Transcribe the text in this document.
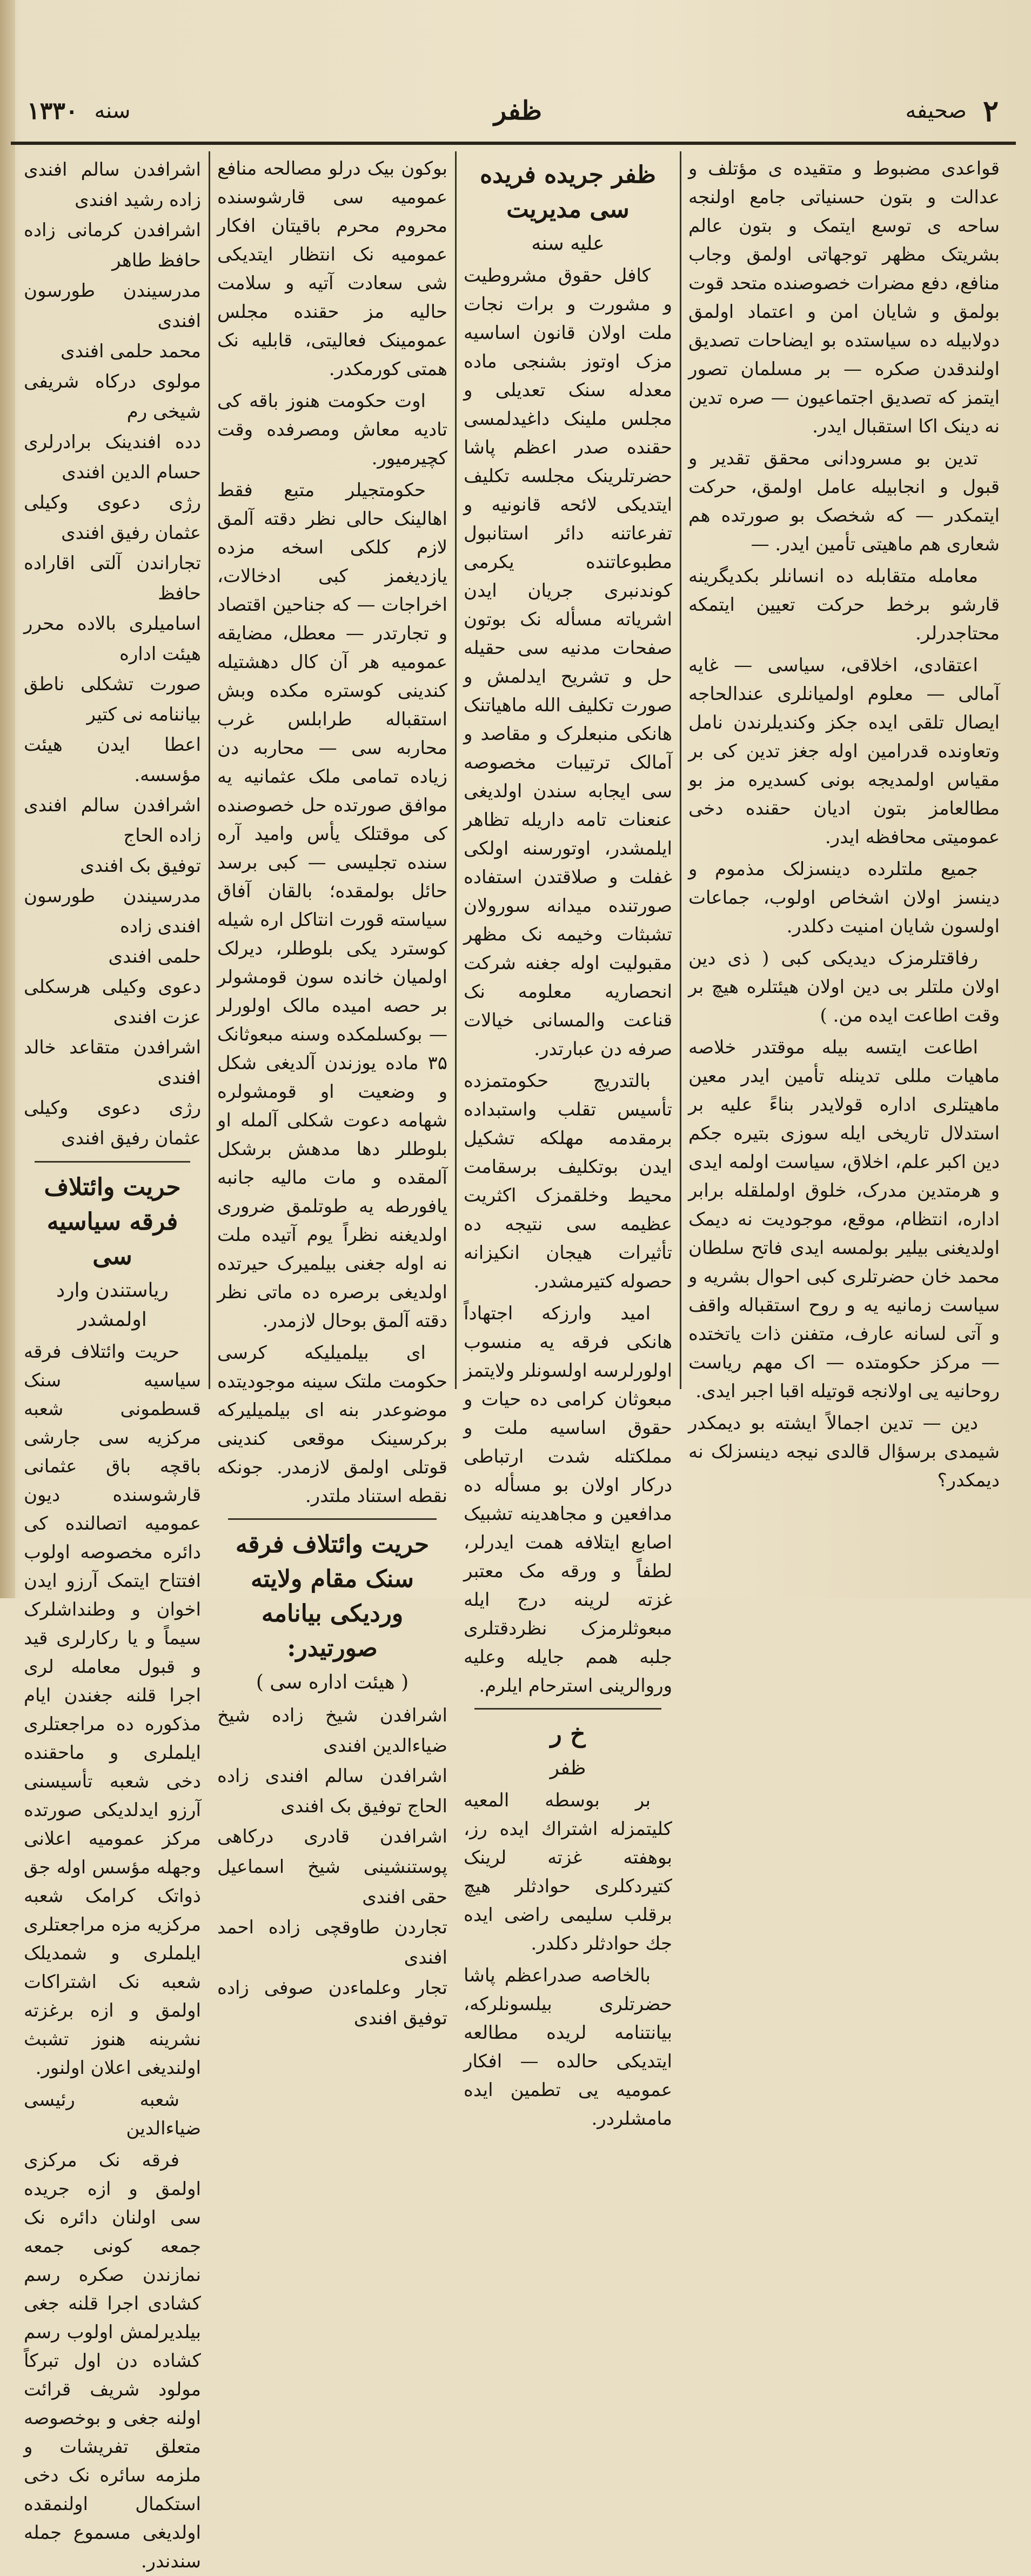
۲
صحیفه
ظفر
سنه
۱۳۳۰

قواعدی مضبوط و متقیده ی مؤتلف و عدالت و بتون حسنیاتی جامع اولنجه ساحه ی توسع ایتمک و بتون عالم بشریتک مظهر توجهاتی اولمق وجاب منافع، دفع مضرات خصوصنده متحد قوت بولمق و شایان امن و اعتماد اولمق دولابیله ده سیاستده بو ایضاحات تصدیق اولندقدن صکره — بر مسلمان تصور ایتمز که تصدیق اجتماعیون — صره تدین نه دینک اکا استقبال ایدر.

تدین بو مسرودانی محقق تقدیر و قبول و انجابیله عامل اولمق، حرکت ایتمکدر — که شخصک بو صورتده هم شعاری هم ماهیتی تأمین ایدر. —

معامله متقابله ده انسانلر بکدیگرینه قارشو برخط حرکت تعیین ایتمکه محتاجدرلر.

اعتقادی، اخلاقی، سیاسی — غایه آمالی — معلوم اولمیانلری عندالحاجه ایصال تلقی ایده جکز وکندیلرندن نامل وتعاونده قدرامین اوله جغز تدین کی بر مقیاس اولمدیجه بونی کسدیره مز بو مطالعامز بتون ادیان حقنده دخی عمومیتی محافظه ایدر.

جمیع ملتلرده دینسزلک مذموم و دینسز اولان اشخاص اولوب، جماعات اولسون شایان امنیت دکلدر.

رفاقتلرمزک دیدیکی کبی ( ذی دین اولان ملتلر بی دین اولان هیئتلره هیچ بر وقت اطاعت ایده من. )

اطاعت ایتسه بیله موقتدر خلاصه ماهیات مللی تدینله تأمین ایدر معین ماهیتلری اداره قولایدر بناءً علیه بر استدلال تاریخی ایله سوزی بتیره جکم دین اکبر علم، اخلاق، سیاست اولمه ایدی و هرمتدین مدرک، خلوق اولملقله برابر اداره، انتظام، موقع، موجودیت نه دیمک اولدیغنی بیلیر بولمسه ایدی فاتح سلطان محمد خان حضرتلری کبی احوال بشریه و سیاست زمانیه یه و روح استقباله واقف و آتی لسانه عارف، متفنن ذات یاتختده — مرکز حکومتده — اک مهم ریاست روحانیه یی اولانجه قوتیله اقبا اجبر ایدی.

دین — تدین اجمالاً ایشته بو دیمکدر شیمدی برسؤال قالدی نیجه دینسزلک نه دیمکدر؟

ظفر جریده فریده سی مدیریت
علیه سنه

کافل حقوق مشروطیت و مشورت و برات نجات ملت اولان قانون اساسیه مزک اوتوز بشنجی ماده معدله سنک تعدیلی و مجلس ملینک داغیدلمسی حقنده صدر اعظم پاشا حضرتلرینک مجلسه تکلیف ایتدیکی لائحه قانونیه و تفرعاتنه دائر استانبول مطبوعاتنده یکرمی کوندنبری جریان ایدن اشریاته مسأله نک بوتون صفحات مدنیه سی حقیله حل و تشریح ایدلمش و صورت تکلیف الله ماهیاتنک هانکی منبعلرک و مقاصد و آمالک ترتیبات مخصوصه سی ایجابه سندن اولدیغی عنعنات تامه داریله تظاهر ایلمشدر، اوتورسنه اولکی غفلت و صلاقتدن استفاده صورتنده میدانه سورولان تشبثات وخیمه نک مظهر مقبولیت اوله جغنه شرکت انحصاریه معلومه نک قناعت والمسانی خیالات صرفه دن عبارتدر.

بالتدریج حکومتمزده تأسیس تقلب واستبداده برمقدمه مهلکه تشکیل ایدن بوتکلیف برسقامت محیط وخلقمزک اکثریت عظیمه سی نتیجه ده تأثیرات هیجان انکیزانه حصوله کتیرمشدر.

امید وارزکه اجتهاداً هانکی فرقه یه منسوب اولورلرسه اولسونلر ولایتمز مبعوثان کرامی ده حیات و حقوق اساسیه ملت و مملکتله شدت ارتباطی دركار اولان بو مسأله ده مدافعین و مجاهدینه تشبیک اصابع ایتلافه همت ایدرلر، لطفاً و ورقه مک معتبر غزته لرینه درج ایله مبعوثلرمزک نظردقتلری جلبه همم جایله وعلیه وروالرینی استرحام ایلرم.

خ ر
ظفر

بر بوسطه المعیه کلیتمزله اشتراك ایده رز، بوهفته غزته لرینک کتیردکلری حوادثلر هیچ برقلب سلیمی راضی ایده جك حوادثلر دکلدر.

بالخاصه صدراعظم پاشا حضرتلری بیلسونلرکه، بیانتنامه لریده مطالعه ایتدیکی حالده — افکار عمومیه یی تطمین ایده مامشلردر.

بوکون بیک درلو مصالحه منافع عمومیه سی قارشوسنده محروم محرم باقیتان افکار عمومیه نک انتظار ایتدیکی شی سعادت آتیه و سلامت حالیه مز حقنده مجلس عمومینک فعالیتی، قابلیه نک همتی کورمکدر.

اوت حکومت هنوز باقه کی تادیه معاش ومصرفده وقت کچیرمیور.

حکومتجیلر متبع فقط اهالینک حالی نظر دقته آلمق لازم کلکی اسخه مزده یازدیغمز کبی ادخالات، اخراجات — که جناحین اقتصاد و تجارتدر — معطل، مضایقه عمومیه هر آن کال دهشتیله کندینی کوستره مکده وبش استقباله طرابلس غرب محاربه سی — محاربه دن زیاده تمامی ملک عثمانیه یه موافق صورتده حل خصوصنده کی موقتلک یأس وامید آره سنده تجلیسی — کبی برسد حائل بولمقده؛ بالقان آفاق سیاسته قورت انتاکل اره شیله کوسترد یکی بلوطلر، دیرلک اولمیان خانده سون قومشولر بر حصه امیده مالک اولورلر — بوکسلمکده وسنه مبعوثانک ۳۵ ماده یوزندن آلدیغی شکل و وضعیت او قومشولره شهامه دعوت شکلی آلمله او بلوطلر دها مدهش برشکل آلمقده و مات مالیه جانبه یافورطه یه طوتلمق ضروری اولدیغنه نظراً یوم آتیده ملت نه اوله جغنی بیلمیرک حیرتده اولدیغی برصره ده ماتی نظر دقته آلمق بوحال لازمدر.

ای بیلمیلیکه کرسی حکومت ملتک سینه موجودیتده موضوعدر بنه ای بیلمیلیرکه برکرسینک موقعی کندینی قوتلی اولمق لازمدر. جونکه نقطه استناد ملتدر.

حریت وائتلاف فرقه سنک مقام ولایته وردیکی بیانامه صورتیدر:
( هیئت اداره سی )

اشرافدن شیخ زاده شیخ ضیاءالدین افندی

اشرافدن سالم افندی زاده الحاج توفیق بک افندی

اشرافدن قادری درکاهی پوستنشینی شیخ اسماعیل حقی افندی

تجاردن طاوقچی زاده احمد افندی

تجار وعلماءدن صوفی زاده توفیق افندی

اشرافدن سالم افندی زاده رشید افندی

اشرافدن کرمانی زاده حافظ طاهر

مدرسیندن طورسون افندی

محمد حلمی افندی

مولوی درکاه شریفی شیخی رم

دده افندینک برادرلری حسام الدین افندی

رژی دعوی وکیلی عثمان رفیق افندی

تجاراندن آلتی اقاراده حافظ

اسامیلری بالاده محرر هیئت اداره

صورت تشکلی ناطق بیاننامه نی کتیر

اعطا ایدن هیئت مؤسسه.

اشرافدن سالم افندی زاده الحاج

توفیق بک افندی

مدرسیندن طورسون افندی زاده

حلمی افندی

دعوی وکیلی هرسکلی عزت افندی

اشرافدن متقاعد خالد افندی

رژی دعوی وکیلی عثمان رفیق افندی

حریت وائتلاف فرقه سیاسیه سی
ریاستندن وارد اولمشدر

حریت وائتلاف فرقه سیاسیه سنک قسطمونی شعبه مرکزیه سی جارشی باقچه باق عثمانی قارشوسنده دیون عمومیه اتصالنده کی دائره مخصوصه اولوب افتتاح ایتمک آرزو ایدن اخوان و وطنداشلرک سیماً و یا رکارلری قید و قبول معامله لری اجرا قلنه جغندن ایام مذکوره ده مراجعتلری ایلملری و ماحقنده دخی شعبه تأسیسنی آرزو ایدلدیکی صورتده مرکز عمومیه اعلانی وجهله مؤسس اوله جق ذواتک کرامک شعبه مرکزیه مزه مراجعتلری ایلملری و شمدیلک شعبه نک اشتراکات اولمق و ازه برغزته نشرینه هنوز تشبث اولندیغی اعلان اولنور.

شعبه رئیسی ضیاءالدین

فرقه نک مرکزی اولمق و ازه جریده سی اولنان دائره نک جمعه کونی جمعه نمازندن صکره رسم کشادی اجرا قلنه جغی بیلدیرلمش اولوب رسم کشاده دن اول تبرکاً مولود شریف قرائت اولنه جغی و بوخصوصه متعلق تفریشات و ملزمه سائره نک دخی استکمال اولنمقده اولدیغی مسموع جمله سندندر.
